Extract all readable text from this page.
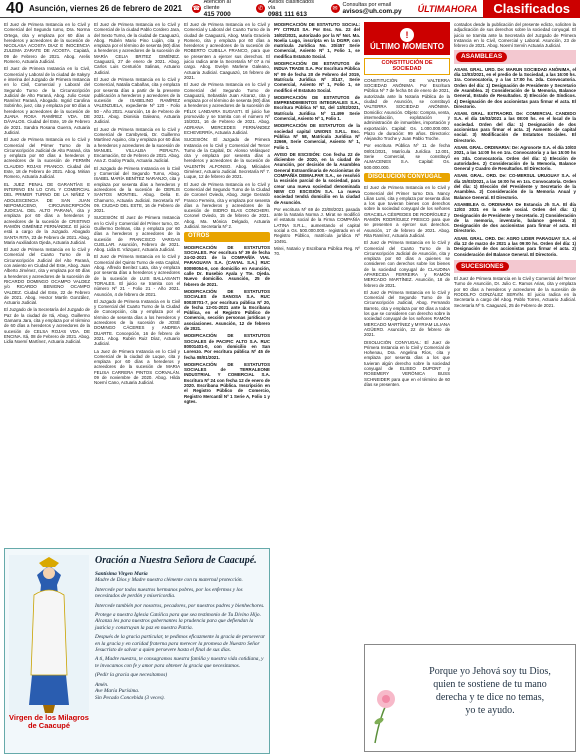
40 Asunción, viernes 26 de febrero de 2021	☎
Atención al cliente
415 7000
✆
Avisos clasificados vía
0981 111 613
✉
Consultas por email
avisos@uh.com.py	ÚLTIMAHORA	Clasificados

El Juez de Primera Instancia en lo Civil y Comercial del Segundo turno, Dra. Norma Ortega, cita y emplaza por 60 días a herederos y acreedores de la sucesión de NICOLASA ACOSTA DIAZ E INOCENCIA ZULEMA ZARATE DE ACOSTA. Capiatá, 09 de Febrero de 2021. Abog. Arelis Romero, Actuaria Judicial.

El Juez de Primera Instancia en lo Civil, Comercial y Laboral de la ciudad de Itakyry e interina del Juzgado de Primera Instancia en lo Civil, Comercial y Laboral del Segundo Turno de la Circunscripción Judicial de Alto Paraná, Abog. Julio Cesar Ramírez Paraná, Abogado. Ingrid Carolina Sobrinho, juez, cita y emplaza por 60 días a herederos y acreedores de la sucesión de JUANA ROSA RAMÍREZ VDA. DE DÁVALOS. Ciudad del Este, 19 de Febrero de 2021. Sandra Rosana Guerra, Actuaria Judicial.

El Juez de Primera Instancia en lo Civil y Comercial del Primer Turno de la Circunscripción Judicial de Alto Paraná, cita y emplaza por 60 días a herederos y acreedores de la sucesión de FERMÍN CLAUDIO ROJAS FRANCO. Ciudad del Este, 18 de Febrero de 2021. Abog. Mirian Romero, Actuaria Judicial.

EL JUEZ PENAL DE GARANTÍAS E INTERINO EN LO CIVIL Y COMERCIAL DEL PRIMER TURNO DE LA NIÑEZ Y ADOLESCENCIA DE SAN JUAN NEPOMUCENO, CIRCUNSCRIPCIÓN JUDICIAL DEL ALTO PARANÁ, cita y emplaza por 60 días a herederos y acreedores de la sucesión de CRISTINO RAMÓN GIMÉNEZ FERNÁNDEZ. El juicio está a cargo de la Juzgado. Abogado SANTA RITA, 23 de Febrero de 2021. Abog. Maria Auxiliadora Ojeda, Actuaria Judicial.

El Juez de Primera Instancia en lo Civil y Comercial del Cuarto Turno de la Circunscripción Judicial del Alto Paraná, con asiento en Ciudad del Este, Abog. Juan Alberto Jiménez, cita y emplaza por 60 días a herederos y acreedores de la sucesión de RICARDO DOMINGO OCAMPO VALDEZ y/o RICARDO BENIGNO OCAMPO VALDEZ. Ciudad del Este, 22 de Febrero de 2021. Abog. Hector Martín González, Actuario Judicial.

El Juzgado de la Secretaría del Juzgado de Paz de la ciudad de Itá, Abog. Guillermo Gamarra Jara, cita y emplaza por el término de 60 días a herederos y acreedores de la sucesión de CELSA ROJAS VDA. DE ENCINA. Itá, 08 de Febrero de 2021. Abog. Lidia Noemí Martínez, Actuaria Judicial.

El Juez de Primera Instancia en lo Civil y Comercial de la ciudad Pablo Cordero Jara, del Sexto Turno, de la ciudad de Caaguazú, Abog. Rubén Mario Pino Luján, cita y emplaza por el término de sesenta (60) días a herederos y acreedores de la sucesión de MARÍA CELIA BRITEZ GIMÉNEZ. Caaguazú, 27 de enero de 2021. Abog. Carlos Luis Centurión Salinas, Actuario Judicial.

El Juez de Primera Instancia en lo Civil y Comercial, Natalia Cabañas, cita y emplaza por sesenta días a partir de la presente publicación a herederos y acreedores de la sucesión de ISABELINO RAMÍREZ VALENZUELA, expediente Nº 120 - Folio 50 - Año 2021. Asunción, 16 de Febrero de 2021. Abog. Dionisia Galeano, Actuaria Judicial.

El Juez de Primera Instancia en lo Civil y Comercial de Cambyretá, Dr. Guillermo Martínez Aquino, cita y emplaza por 60 días a herederos y acreedores de la sucesión de MANUEL VILLALBA PERALTA. Encarnación, 02 de Febrero de 2021. Abog. Ana Z. Godoy Prado, Actuaria Judicial.

El Juzgado de Primera Instancia en lo Civil y Comercial del Segundo Turno, Abog. ISABEL MARÍA BENÍTEZ NARANJO, cita y emplaza por sesenta días a herederos y acreedores de la sucesión de DERLIS SANTOS MONTIEL. Abog. Delia E. Chamorro, Actuaria Judicial. Secretaría Nº 09. CIUDAD DEL ESTE, 16 de Febrero de 2021.

SUCESIÓN: El Juez de Primera Instancia en lo Civil y Comercial del Primer turno, Dr. Guillermo Delmas, cita y emplaza por 60 días a herederos y acreedores de la sucesión de FRANCISCO VARGAS CUELLAR. Asunción, Febrero de 2021. Abog. Lidia E. Vázquez, Actuaria Judicial.

El Juez de Primera Instancia en lo Civil y Comercial del Quinto Turno de esta Capital, Abog. Alfredo Benítez Lata, cita y emplaza por sesenta días a herederos y acreedores de la sucesión de LUIS BALLASANTI TORALES. El juicio se tramita con el número Nº 21 - Folio 21 - Año 2021. Asunción, 4 de febrero de 2021.

El Juzgado de Primera Instancia en lo Civil y Comercial del Cuarto Turno de la Ciudad de Concepción, cita y emplaza por el término de sesenta días a los herederos y acreedores de la sucesión de JOSÉ DOMINGO CÁCERES y ANDREA DUARTE. Concepción, 16 de febrero de 2021. Abog. Rubén Ruiz Díaz, Actuario Judicial.

La Juez de Primera Instancia en lo Civil y Comercial de la ciudad de Luque, cita y emplaza por 60 días a herederos y acreedores de la sucesión de MARIA FELISA CARRERA PINTOS CORVALÁN. 09 de noviembre de 2020. Abog. Hilda Noemí Cano, Actuaria Judicial.

El Juez de Primera Instancia en lo Civil y Comercial y Laboral del Cuarto Turno de la ciudad de Caaguazú, Abog. María Graciela Romero, cita y emplaza por 60 días a herederos y acreedores de la sucesión de ROBERTO CUBILLA FRANCO, para que se presenten a ejercer sus derechos. El juicio radica ante la Secretaría Nº 07 a mi cargo. Abog. Evelyn Marlene Galeano, Actuaria Judicial. Caaguazú, 16 febrero de 2021.

El Juez de Primera Instancia en lo Civil y Comercial del Segundo Turno de Caaguazú, Sebastián Juan Alcaraz, cita y emplaza por el término de sesenta (60) días a herederos y acreedores de la sucesión de FÉLIX LANDAIRA SUGASTI. El juicio fue promovido y se tramita con el número Nº 15/2021, 16 de Febrero de 2021. Abog. ADRIANA MERCEDES FERNÁNDEZ ECHEVERRÍA, Actuaria Judicial.

SUCESIÓN: El Juzgado de Primera Instancia en lo Civil y Comercial del Tercer Turno de la Capital, Dr. Alonso Velásquez cita y emplaza por sesenta días a herederos y acreedores de la sucesión de VALENTÍN ALFONSO. Abog. Milciades Giménez, Actuario Judicial. Secretaría Nº 7. Luque, 12 de febrero de 2021.

El Juez de Primera Instancia en lo Civil y Comercial del Segundo Turno de la Ciudad de Coronel Oviedo, Abog. Jorge Gerardo Franco Ferreira, cita y emplaza por sesenta días a herederos y acreedores de la sucesión de ISIDRO BLAS CONCHERI. Coronel Oviedo, 15 de febrero de 2021. Abog. Ma. Mónica Delgado, Actuaria Judicial. Secretaría Nº 2.

OTROS

MODIFICACIÓN DE ESTATUTOS SOCIALES. Por escritura Nº 39 de fecha 24-02-2021 de la COMPAÑÍA VIAL PARAGUAYA S.A. (CAVIAL S.A.) RUC 80090054-6, con domicilio en Asunción, calle Dr. Eusebio Ayala y Tte. Ojeda. Nuevo domicilio. Asunción, 25 de febrero de 2021.

MODIFICACIÓN DE ESTATUTOS SOCIALES de SANOSA S.A. RUC 80030701-7, por escritura pública Nº 20, de fecha 12-01-2021 ante la Escribana Pública, en el Registro Público de Comercio, sección personas jurídicas y asociaciones. Asunción, 12 de febrero de 2021.

MODIFICACIÓN DE ESTATUTOS SOCIALES de PACIFIC ALTO S.A. RUC 80001401-0, con domicilio en San Lorenzo. Por escritura pública Nº 45 de fecha 08/01/2021.

MODIFICACIÓN DE ESTATUTOS SOCIALES de TERRALEONE INDUSTRIAL Y COMERCIAL S.A. Escritura Nº 24 con fecha 12 de enero de 2020. Escribana Pública. Inscripción en el Registro Público de Comercio, Registro Mercantil Nº 1 Serie A, Folio 1 y sgtes.

MODIFICACIÓN DE ESTATUTO SOCIAL: PY CITRUS SA. Por Esc. No. 22 del 16/02/2021, autorizado por la Nº Not. Ma. Noelia Lugo, inscripta en la DGRP, con matrícula Jurídica No. 20/457 Serie Comercial, Asiento Nº 1, Folio 1, se modifica Estatuto Social.

MODIFICACIÓN DE ESTATUTOS de INDUA TRADE S.A. Por Escritura Pública Nº 09 de fecha 20 de Febrero del 2019, Matrícula Jurídica Nº 3/147, Serie Comercial, Asiento Nº 1, Folio 1, se modificó el Estatuto Social.

MODIFICACIÓN DE ESTATUTOS de EMPRENDIMIENTOS INTEGRALES S.A., Escritura Pública Nº 52, del 13/02/2021, Matrícula Jurídica Nº 11.499 Serie Comercial, Asiento Nº 1, Folio 1.

MODIFICACIÓN DE ESTATUTOS de la sociedad capital UNIONS S.R.L. Esc. Pública Nº 58, Matrícula Jurídica Nº 32669, Serie Comercial, Asiento Nº 1, Folio 1.

AVISO DE ESCISIÓN: Con fecha 22 de diciembre de 2020, en la ciudad de Asunción, por decisión de la Asamblea General Extraordinaria de Accionistas de COMPAÑÍA DEMALPAR S.A., se resolvió la escisión parcial de la sociedad, para crear una nueva sociedad denominada NEW CO ESCISIÓN S.A. La nueva sociedad tendrá domicilio en la ciudad de Asunción.

Por escritura Nº 69 de 23/08/2021 pasada ante la Notaria Norma J. Mirat se modificó el estatuto social de la Firma COMPAÑÍA LATINA S.R.L., aumentando el capital social a Gs. 500.000.000.- registrado en el Registro Público, matrícula jurídica Nº 10491.

Mirei, Notario y Escribana Pública Reg. Nº 70.

!
ÚLTIMO MOMENTO
CONSTITUCIÓN DE SOCIEDAD

CONSTITUCIÓN DE VALTERRA SOCIEDAD ANÓNIMA. Por Escritura Pública Nº 7 de fecha 04 de enero de 2021, autorizada ante la Notaria Pública de la ciudad de Asunción, se constituyó VALTERRA SOCIEDAD ANÓNIMA. Domicilio: Asunción. Objeto: Compra, venta, intermediación, explotación y administración de inmuebles, importación y exportación. Capital: Gs. 1.000.000.000. Plazo de duración: 99 años. Directorio: Alejandro Troche y Juan Pablo Troche.

Por escritura Pública Nº 11 de fecha 08/01/2021, Matrícula Jurídica 12.001, Serie Comercial, se constituyó ALMACENES S.A. Capital: Gs. 500.000.000.

DISOLUCIÓN CONYUGAL

El Juez de Primera Instancia en lo Civil y Comercial del Primer turno Dra. Nancy Lilian Lumi, cita y emplaza por sesenta días a los que tuvieran bienes con derechos sobre la sociedad conyugal de los señores GRACIELA CÉSPEDES DE RODRÍGUEZ y RAMÓN RODRÍGUEZ FRESCO para que se presenten a ejercer sus derechos. Asunción, 17 de febrero de 2021. Abog. Rita Ramírez, Actuaria Judicial.

El Juez de Primera Instancia en lo Civil y Comercial del Cuarto Turno de la Circunscripción Judicial de Asunción, cita y emplaza por 60 días a quienes se consideren con derechos sobre los bienes de la sociedad conyugal de CLAUDINA APARECIDA FERREIRA y RAMÓN MERCADO MARTÍNEZ. Asunción, 18 de febrero de 2021.

El Juez de Primera Instancia en lo Civil y Comercial del Segundo Turno de la Circunscripción Judicial, Abog. Fernando Barreto, cita y emplaza por 60 días a todos los que se consideren con derecho sobre la sociedad conyugal de los señores RAMÓN MERCADO MARTÍNEZ y MYRIAM LILIANA AGÜERO. Asunción, 22 de febrero de 2021.

DISOLUCIÓN CONYUGAL: El Juez de Primera Instancia en lo Civil y Comercial de Hohenau, Dra. Angelina Ríos, cita y emplaza por sesenta días a los que tuvieran algún derecho sobre la sociedad conyugal de ELISEO DUPONT y ROSEMERY VERÓNICA BUSS SCHNEIDER para que en el término de 60 días se presenten.

contados desde la publicación del presente edicto, soliciten la adjudicación de sus derechos sobre la sociedad conyugal. El juicio se tramita ante la Secretaría del Juzgado de Primera Instancia en lo Civil, Comercial y Laboral. Asunción, 23 de febrero de 2021. Abog. Noemí Servín Actuaria Judicial.

ASAMBLEAS

ASAM. GRAL. URD. De: MARUN SOCIEDAD ANÓNIMA, el día 12/03/2021, en el predio de la Sociedad, a las 16:00 hs. 1ra. Convocatoria, y a las 17:00 hs. 2da. Convocatoria. Orden del día: 1) Designación de Presidente y Secretario de Asamblea. 2) Consideración de la Memoria, Balance General, Estado de Resultados. 3) Elección de Síndicos. 4) Designación de dos accionistas para firmar el acta. El Directorio.

ASAM. GRAL. EXTRAORD. De: COMERCIAL CANDIDO S.A. el día 16/03/2021 a las 08:00 hs. en el local de la sociedad. Orden del día: 1) Designación de dos accionistas para firmar el acta. 2) Aumento de capital social. 3) Modificación de Estatutos Sociales. El Directorio.

ASAM. GRAL. ORDINARIA: De: Agronorte S.A. el día 10/03 2021, a las 14:00 hs en 1ra. Convocatoria y a las 15:00 hs en 2da. Convocatoria. Orden del día: 1) Elección de autoridades. 2) Consideración de la Memoria, Balance General y Cuadro de Resultados. El Directorio.

ASAM. GRAL. ORD. De: CO-MERSUL URUGUAY S.A. el día 15/03/2021, a las 16:00 hs en 1ra. Convocatoria. Orden del día: 1) Elección del Presidente y Secretario de la Asamblea. 2) Consideración de la Memoria Anual y Balance General. El Directorio.

ASAMBLEA G. ORDINARIA De Estancia Jh S.A. El día 12/03 2021 en la sede social. Orden del día: 1) Designación de Presidente y Secretario. 2) Consideración de la memoria, inventario, balance general. 3) Designación de dos accionistas para firmar el acta. El Directorio.

ASAM. GRAL. ORD. De: AGRO LIDER PARAGUAY S.A. el día 12 de marzo de 2021 a las 09:00 hs. Orden del día: 1) Designación de dos accionistas para firmar el acta. 2) Consideración del Balance General. El Directorio.

SUCESIONES

El Juez de Primera Instancia en lo Civil y Comercial del Tercer Turno de Asunción, Dr. Julio C. Ramos Arias, cita y emplaza por 60 días a herederos y acreedores de la sucesión de RODOLFO GONZÁLEZ SERVÍN. El juicio radica en la Secretaría a cargo del Abog. Pablo Torres, Actuario Judicial. Secretaría Nº 5. Caaguazú, 25 de Febrero de 2021.

Virgen de los Milagros de Caacupé
Oración a Nuestra Señora de Caacupé.

Santísima Virgen María
Madre de Dios y Madre nuestra clémente con tu maternal protección.

Intercede por todos nuestros hermanos pobres, por los enfermos y los necesitados de perdón y misericordia.

Intercede también por nosotros, pecadores, por nuestros padres y bienhechores.

Protege a nuestra Iglesia Católica para que sea testimonio de Tu Divino Hijo. Alcanza les para nuestros gobernantes la prudencia para que defiendan la justicia y construyan la paz en nuestra Patria.

Después de la gracia particular, te pedimos eficazmente la gracia de perseverar en la gracia y en caridad fraterna para merecer la promesa de Nuestro Señor Jesucristo de salvar a quien persevere hasta el final de sus días.

A ti, Madre nuestra, te consagramos nuestra familia y nuestra vida cotidiana, y te invocamos con fe y amor para obtener la gracia que necesitamos.

(Pedir la gracia que necesitamos)

Amén.
Ave María Purísima.
Sin Pecado Concebida (3 veces).

Porque yo Jehová soy tu Dios,

quien te sostiene de tu mano

derecha y te dice no temas,

yo te ayudo.
